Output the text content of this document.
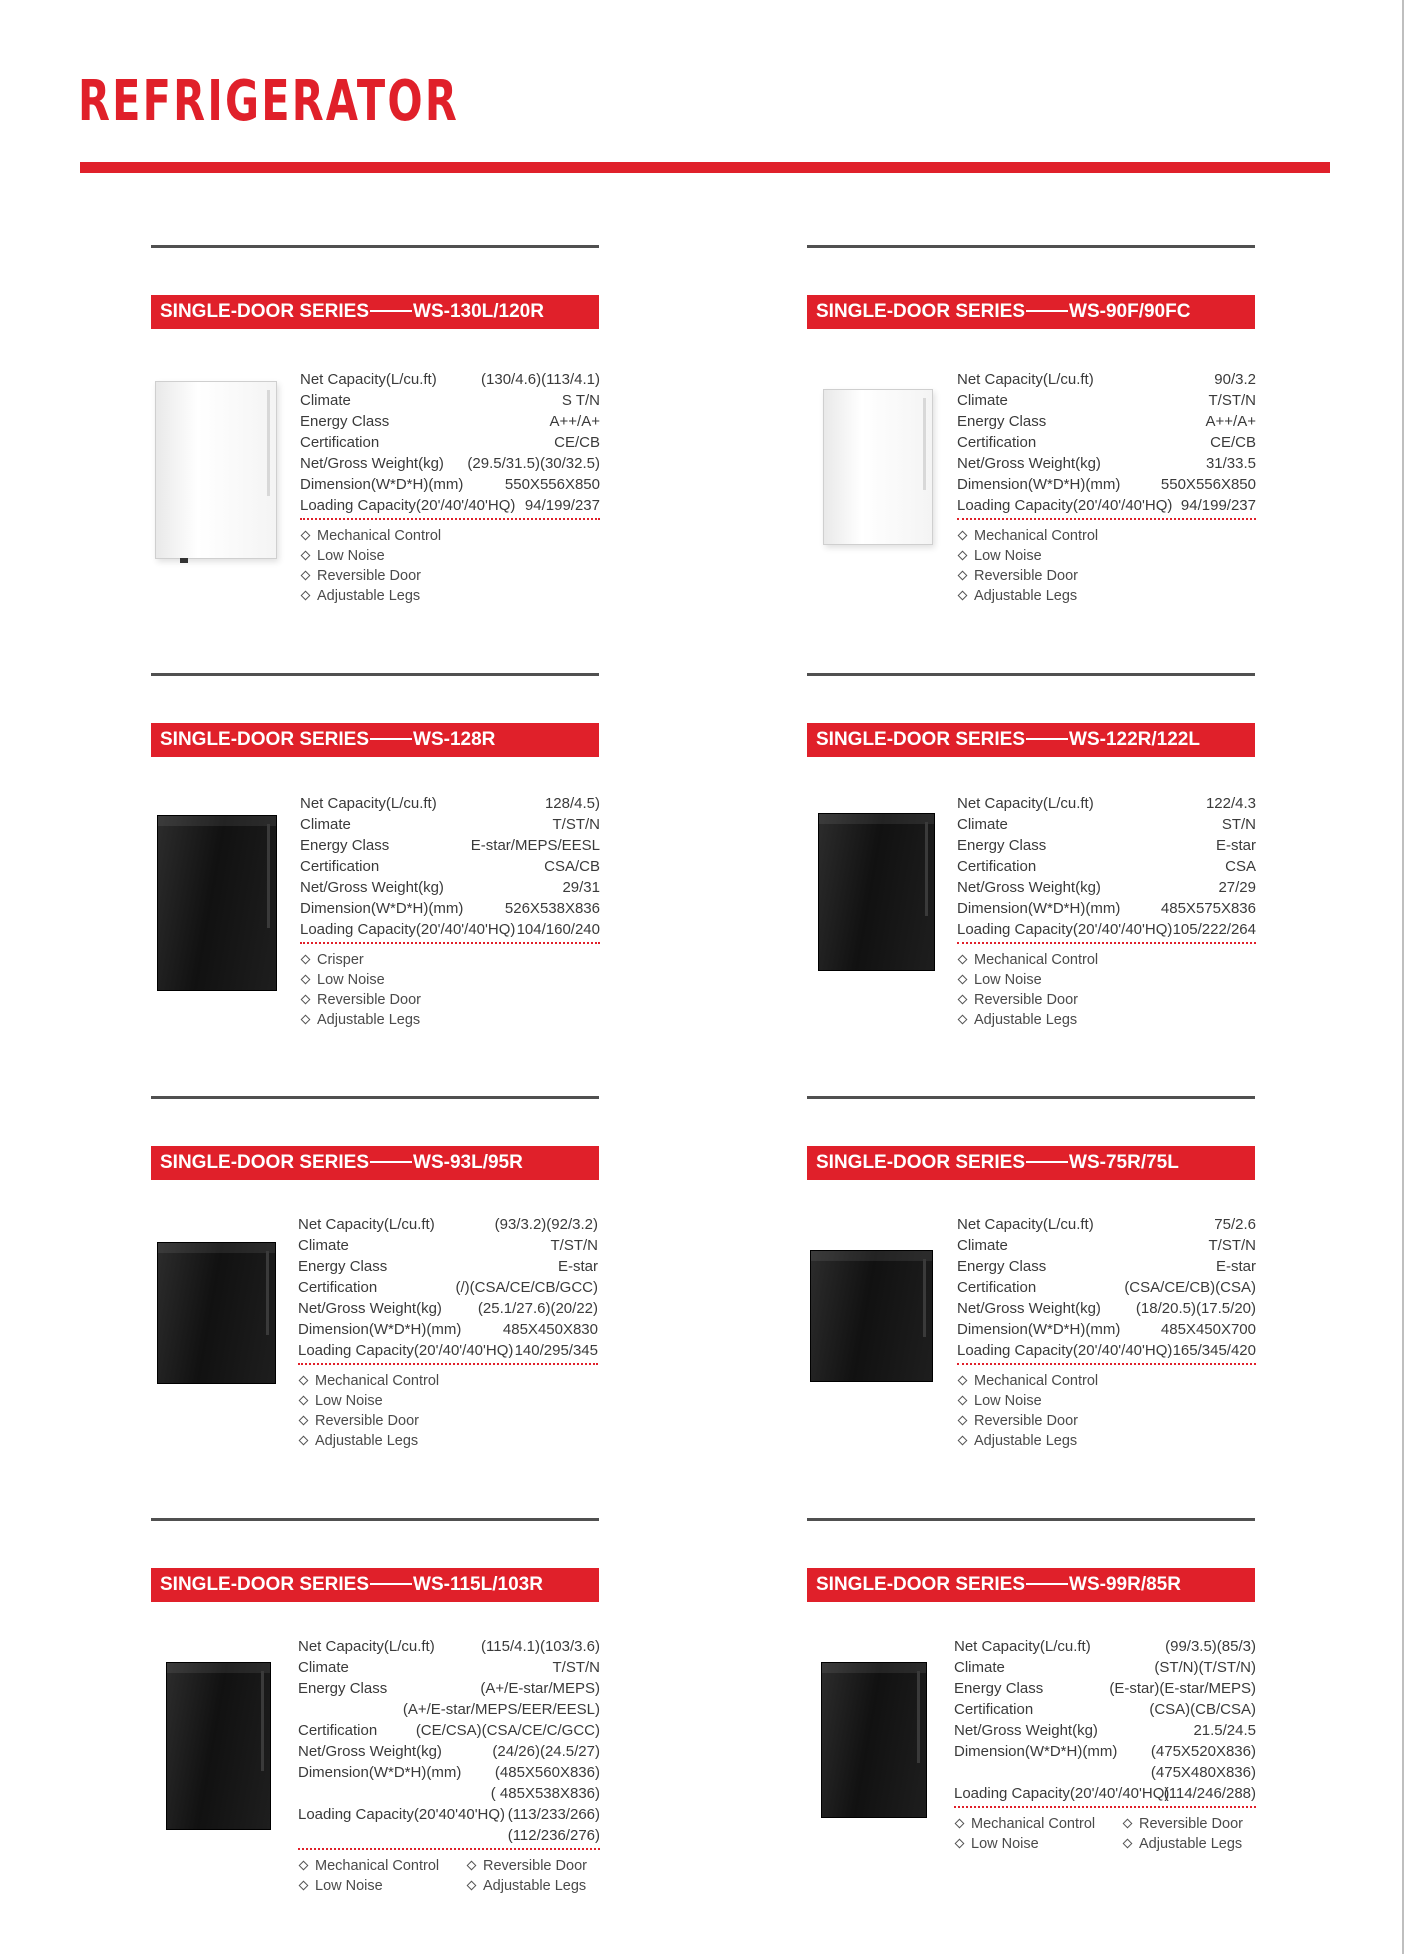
REFRIGERATOR
SINGLE-DOOR SERIES WS-130L/120R
Net Capacity(L/cu.ft)	(130/4.6)(113/4.1)
Climate	S T/N
Energy Class	A++/A+
Certification	CE/CB
Net/Gross Weight(kg) (29.5/31.5)(30/32.5)
Dimension(W*D*H)(mm)	550X556X850
Loading Capacity(20'/40'/40'HQ) 94/199/237
Mechanical Control
Low Noise
Reversible Door
Adjustable Legs
SINGLE-DOOR SERIES WS-90F/90FC
Net Capacity(L/cu.ft)	90/3.2
Climate	T/ST/N
Energy Class	A++/A+
Certification	CE/CB
Net/Gross Weight(kg)	31/33.5
Dimension(W*D*H)(mm)	550X556X850
Loading Capacity(20'/40'/40'HQ) 94/199/237
Mechanical Control
Low Noise
Reversible Door
Adjustable Legs
SINGLE-DOOR SERIES WS-128R
Net Capacity(L/cu.ft)	128/4.5)
Climate	T/ST/N
Energy Class	E-star/MEPS/EESL
Certification	CSA/CB
Net/Gross Weight(kg)	29/31
Dimension(W*D*H)(mm)	526X538X836
Loading Capacity(20'/40'/40'HQ) 104/160/240
Crisper
Low Noise
Reversible Door
Adjustable Legs
SINGLE-DOOR SERIES WS-122R/122L
Net Capacity(L/cu.ft)	122/4.3
Climate	ST/N
Energy Class	E-star
Certification	CSA
Net/Gross Weight(kg)	27/29
Dimension(W*D*H)(mm)	485X575X836
Loading Capacity(20'/40'/40'HQ) 105/222/264
Mechanical Control
Low Noise
Reversible Door
Adjustable Legs
SINGLE-DOOR SERIES WS-93L/95R
Net Capacity(L/cu.ft)	(93/3.2)(92/3.2)
Climate	T/ST/N
Energy Class	E-star
Certification	(/)(CSA/CE/CB/GCC)
Net/Gross Weight(kg) (25.1/27.6)(20/22)
Dimension(W*D*H)(mm)	485X450X830
Loading Capacity(20'/40'/40'HQ) 140/295/345
Mechanical Control
Low Noise
Reversible Door
Adjustable Legs
SINGLE-DOOR SERIES WS-75R/75L
Net Capacity(L/cu.ft)	75/2.6
Climate	T/ST/N
Energy Class	E-star
Certification	(CSA/CE/CB)(CSA)
Net/Gross Weight(kg) (18/20.5)(17.5/20)
Dimension(W*D*H)(mm)	485X450X700
Loading Capacity(20'/40'/40'HQ) 165/345/420
Mechanical Control
Low Noise
Reversible Door
Adjustable Legs
SINGLE-DOOR SERIES WS-115L/103R
Net Capacity(L/cu.ft)	(115/4.1)(103/3.6)
Climate	T/ST/N
Energy Class	(A+/E-star/MEPS)
(A+/E-star/MEPS/EER/EESL)
Certification	(CE/CSA)(CSA/CE/C/GCC)
Net/Gross Weight(kg)	(24/26)(24.5/27)
Dimension(W*D*H)(mm) (485X560X836)
( 485X538X836)
Loading Capacity(20'40'40'HQ) (113/233/266)
(112/236/276)
Mechanical Control	Reversible Door
Low Noise	Adjustable Legs
SINGLE-DOOR SERIES WS-99R/85R
Net Capacity(L/cu.ft)	(99/3.5)(85/3)
Climate	(ST/N)(T/ST/N)
Energy Class	(E-star)(E-star/MEPS)
Certification	(CSA)(CB/CSA)
Net/Gross Weight(kg)	21.5/24.5
Dimension(W*D*H)(mm) (475X520X836)
(475X480X836)
Loading Capacity(20'/40'/40'HQ)
(114/246/288)
Mechanical Control	Reversible Door
Low Noise	Adjustable Legs
